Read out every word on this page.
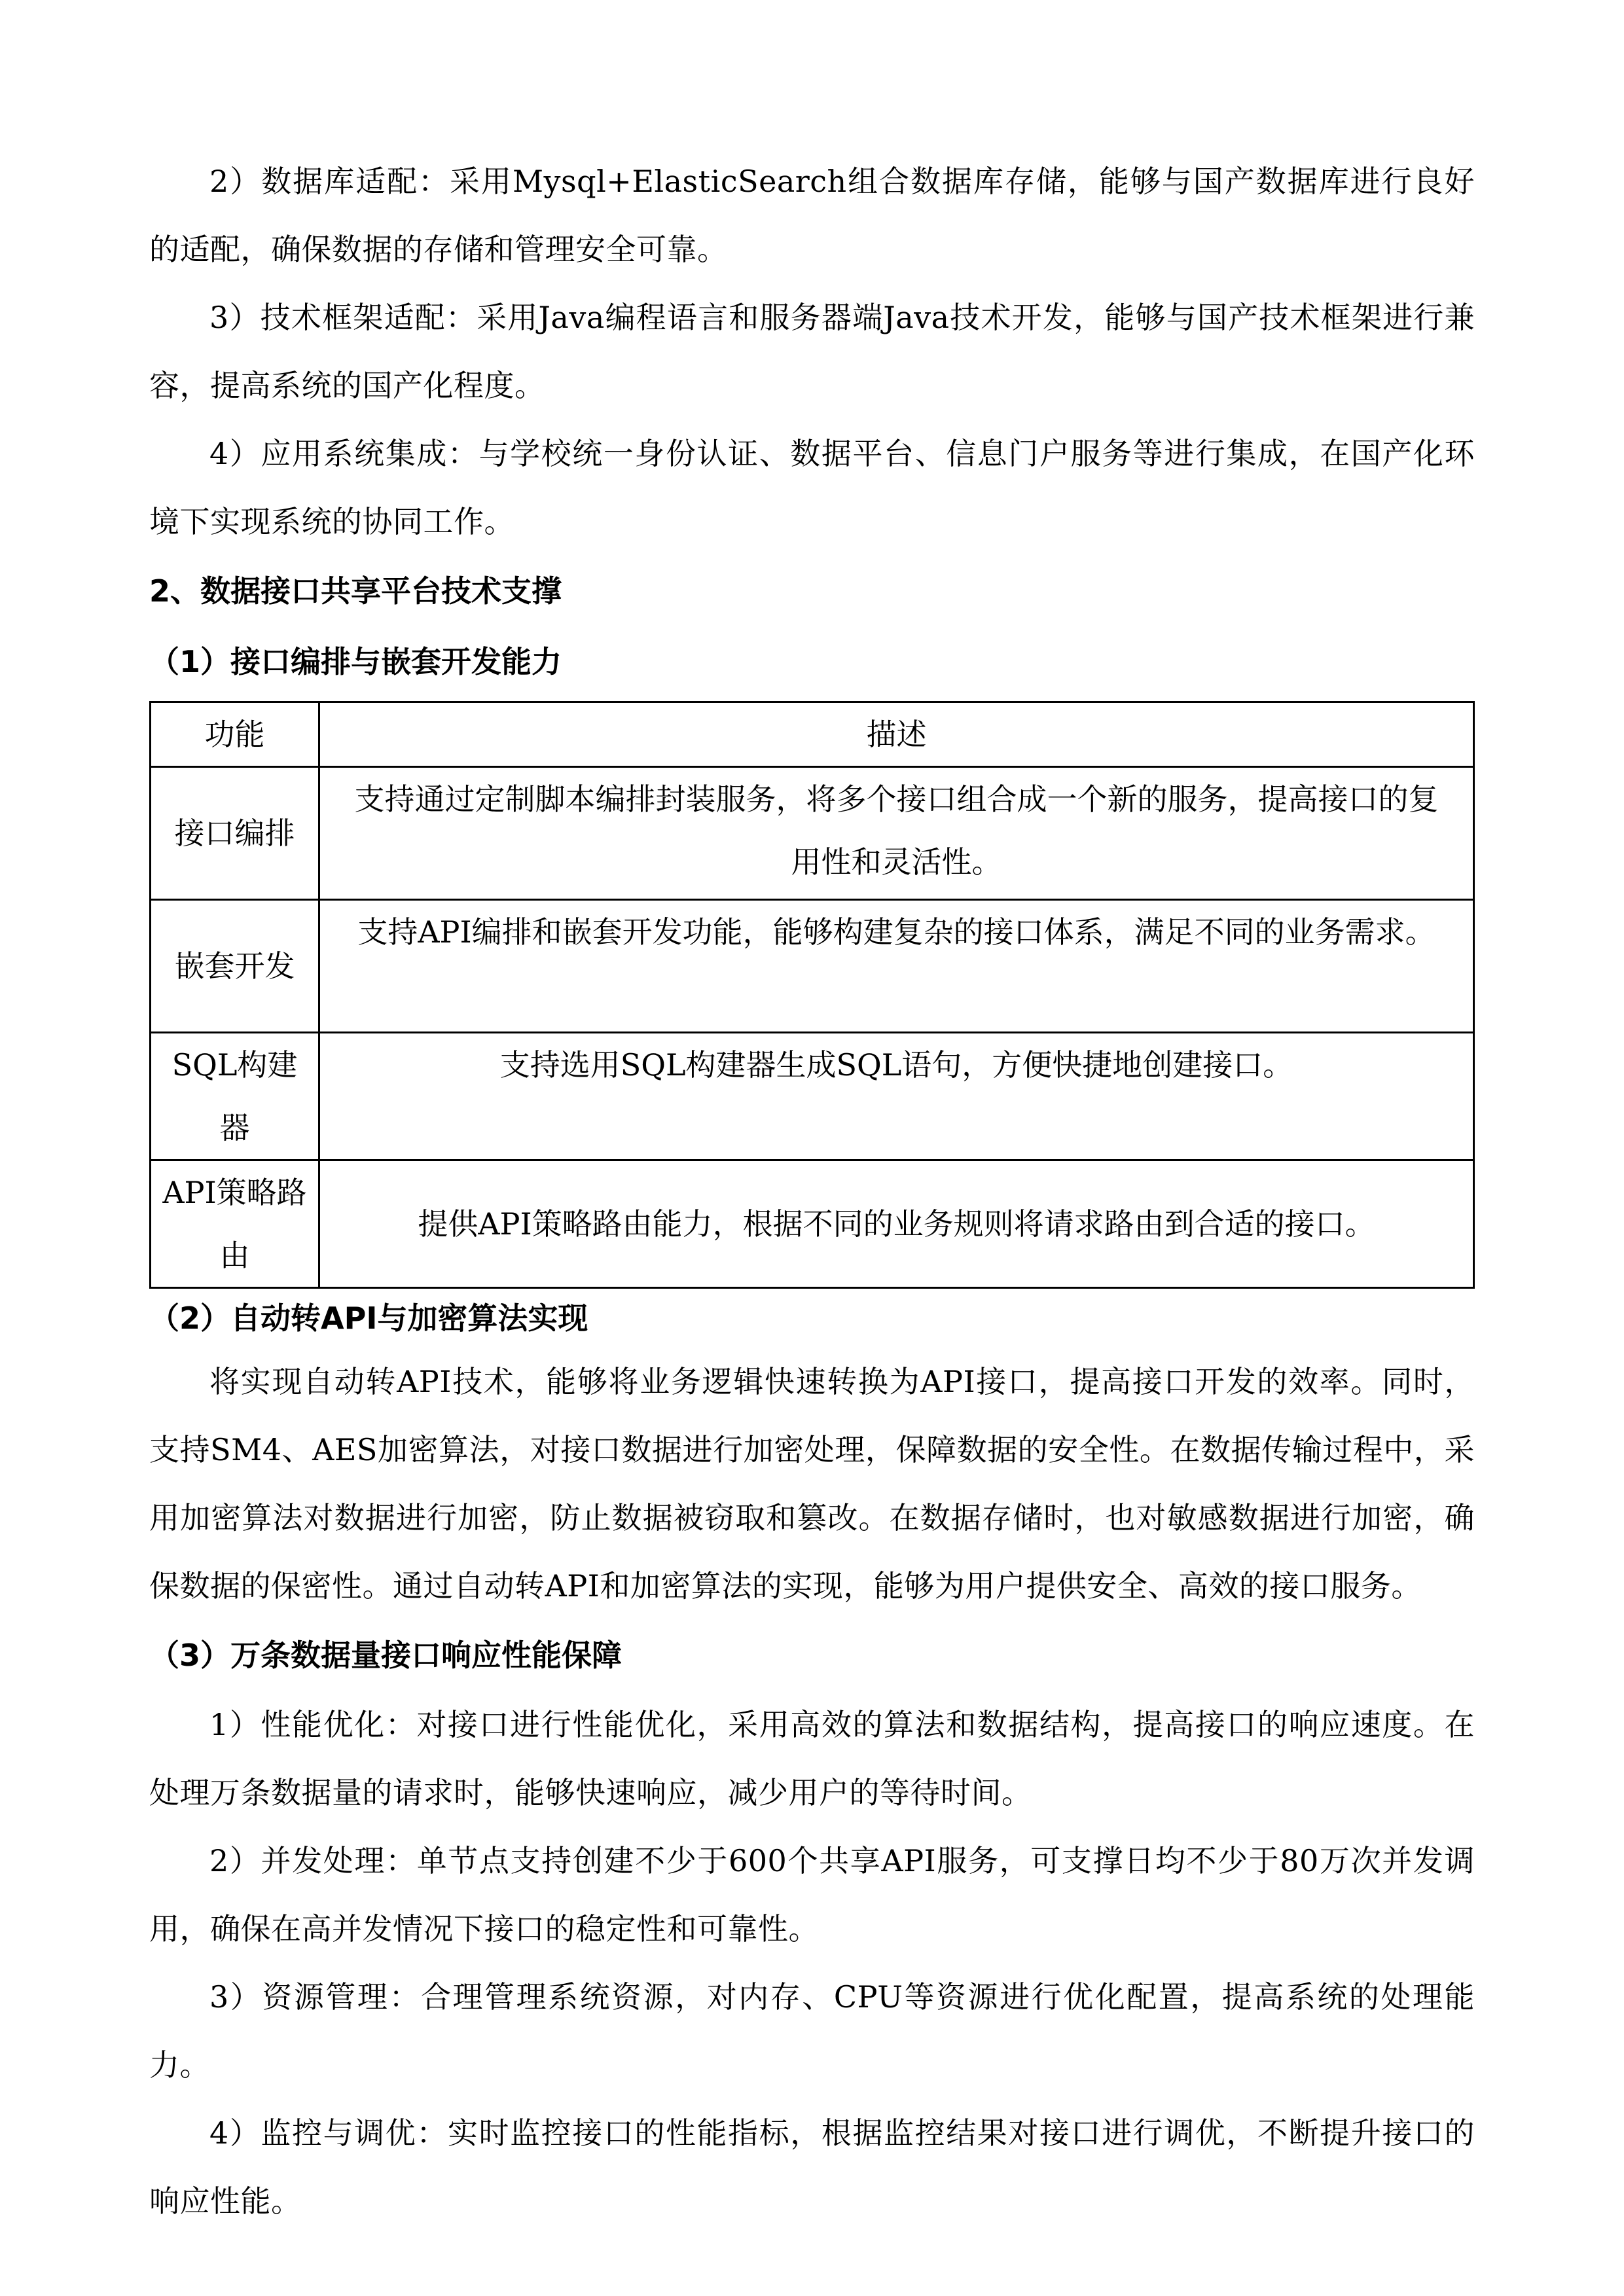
2）数据库适配：采用Mysql+ElasticSearch组合数据库存储，能够与国产数据库进行良好的适配，确保数据的存储和管理安全可靠。

3）技术框架适配：采用Java编程语言和服务器端Java技术开发，能够与国产技术框架进行兼容，提高系统的国产化程度。

4）应用系统集成：与学校统一身份认证、数据平台、信息门户服务等进行集成，在国产化环境下实现系统的协同工作。

2、数据接口共享平台技术支撑
（1）接口编排与嵌套开发能力
功能	描述
接口编排	支持通过定制脚本编排封装服务，将多个接口组合成一个新的服务，提高接口的复用性和灵活性。
嵌套开发	支持API编排和嵌套开发功能，能够构建复杂的接口体系，满足不同的业务需求。
SQL构建器	支持选用SQL构建器生成SQL语句，方便快捷地创建接口。
API策略路由	提供API策略路由能力，根据不同的业务规则将请求路由到合适的接口。
（2）自动转API与加密算法实现

将实现自动转API技术，能够将业务逻辑快速转换为API接口，提高接口开发的效率。同时，支持SM4、AES加密算法，对接口数据进行加密处理，保障数据的安全性。在数据传输过程中，采用加密算法对数据进行加密，防止数据被窃取和篡改。在数据存储时，也对敏感数据进行加密，确保数据的保密性。通过自动转API和加密算法的实现，能够为用户提供安全、高效的接口服务。

（3）万条数据量接口响应性能保障

1）性能优化：对接口进行性能优化，采用高效的算法和数据结构，提高接口的响应速度。在处理万条数据量的请求时，能够快速响应，减少用户的等待时间。

2）并发处理：单节点支持创建不少于600个共享API服务，可支撑日均不少于80万次并发调用，确保在高并发情况下接口的稳定性和可靠性。

3）资源管理：合理管理系统资源，对内存、CPU等资源进行优化配置，提高系统的处理能力。

4）监控与调优：实时监控接口的性能指标，根据监控结果对接口进行调优，不断提升接口的响应性能。
